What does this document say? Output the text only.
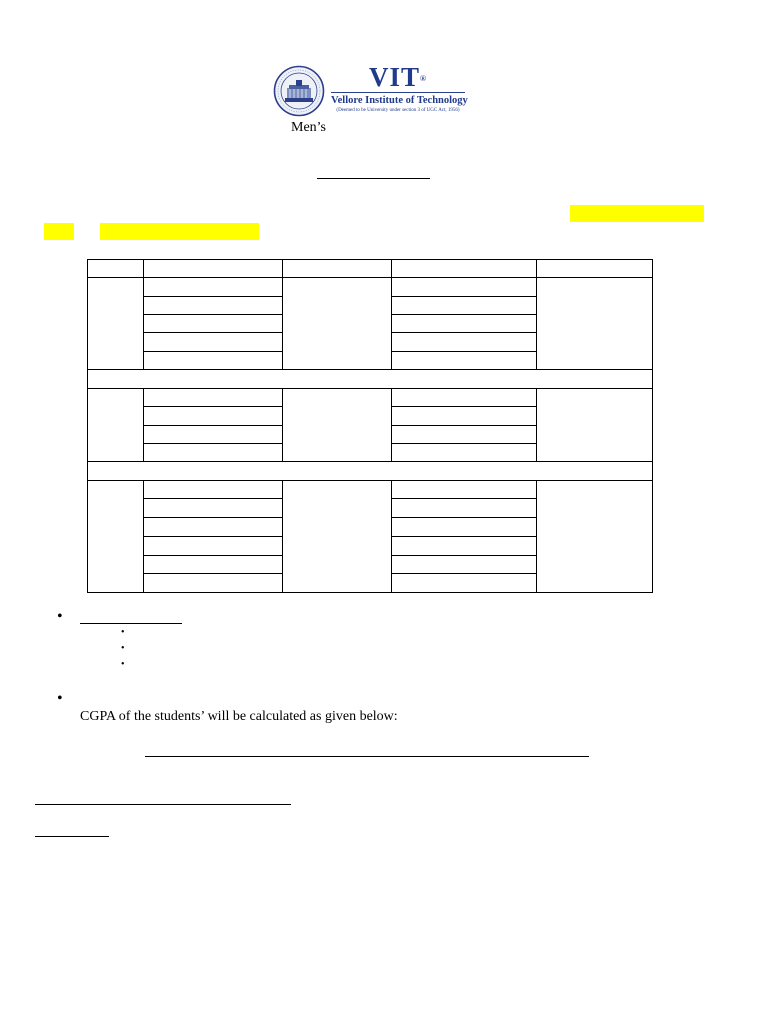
VIT®
Vellore Institute of Technology
(Deemed to be University under section 3 of UGC Act, 1956)
Men’s
•
•
•
•
•
CGPA of the students’ will be calculated as given below:
